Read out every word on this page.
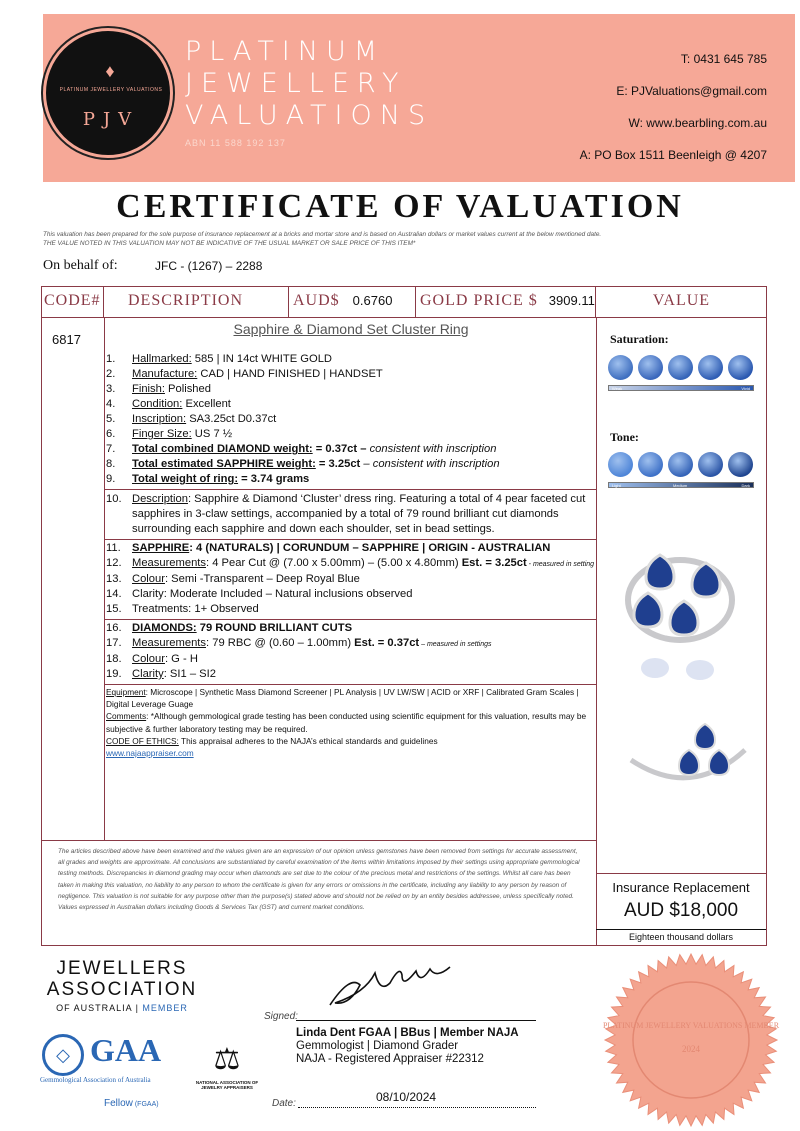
♦
PLATINUM JEWELLERY VALUATIONS
PJV
PLATINUM
JEWELLERY
VALUATIONS
ABN 11 588 192 137
T: 0431 645 785
E: PJValuations@gmail.com
W: www.bearbling.com.au
A: PO Box 1511 Beenleigh @ 4207
CERTIFICATE OF VALUATION
This valuation has been prepared for the sole purpose of insurance replacement at a bricks and mortar store and is based on Australian dollars or market values current at the below mentioned date.
THE VALUE NOTED IN THIS VALUATION MAY NOT BE INDICATIVE OF THE USUAL MARKET OR SALE PRICE OF THIS ITEM*
On behalf of:	JFC - (1267) – 2288
CODE#	DESCRIPTION	AUD$ 0.6760	GOLD PRICE $ 3909.11	VALUE
6817
Sapphire & Diamond Set Cluster Ring
1.	Hallmarked: 585 | IN 14ct WHITE GOLD
2.	Manufacture: CAD | HAND FINISHED | HANDSET
3.	Finish: Polished
4.	Condition: Excellent
5.	Inscription: SA3.25ct D0.37ct
6.	Finger Size: US 7 ½
7.	Total combined DIAMOND weight: = 0.37ct – consistent with inscription
8.	Total estimated SAPPHIRE weight: = 3.25ct – consistent with inscription
9.	Total weight of ring: = 3.74 grams
10. Description: Sapphire & Diamond ‘Cluster’ dress ring. Featuring a total of 4 pear faceted cut sapphires in 3-claw settings, accompanied by a total of 79 round brilliant cut diamonds surrounding each sapphire and down each shoulder, set in bead settings.
11.	SAPPHIRE: 4 (NATURALS) | CORUNDUM – SAPPHIRE | ORIGIN - AUSTRALIAN
12. Measurements: 4 Pear Cut @ (7.00 x 5.00mm) – (5.00 x 4.80mm) Est. = 3.25ct - measured in setting
13. Colour: Semi -Transparent – Deep Royal Blue
14. Clarity: Moderate Included – Natural inclusions observed
15. Treatments: 1+ Observed
16. DIAMONDS: 79 ROUND BRILLIANT CUTS
17. Measurements: 79 RBC @ (0.60 – 1.00mm) Est. = 0.37ct – measured in settings
18. Colour: G - H
19. Clarity: SI1 – SI2
Equipment: Microscope | Synthetic Mass Diamond Screener | PL Analysis | UV LW/SW | ACID or XRF | Calibrated Gram Scales | Digital Leverage Guage
Comments: *Although gemmological grade testing has been conducted using scientific equipment for this valuation, results may be subjective & further laboratory testing may be required.
CODE OF ETHICS: This appraisal adheres to the NAJA’s ethical standards and guidelines
www.najaappraiser.com
The articles described above have been examined and the values given are an expression of our opinion unless gemstones have been removed from settings for accurate assessment, all grades and weights are approximate. All conclusions are substantiated by careful examination of the items within limitations imposed by their settings using appropriate gemmological testing methods. Discrepancies in diamond grading may occur when diamonds are set due to the colour of the precious metal and restrictions of the settings. Whilst all care has been taken in making this valuation, no liability to any person to whom the certificate is given for any errors or omissions in the certificate, including any liability to any person by reason of negligence. This valuation is not suitable for any purpose other than the purpose(s) stated above and should not be relied on by an entity besides addressee, unless specifically noted. Values expressed in Australian dollars including Goods & Services Tax (GST) and current market conditions.
Saturation:
Weak	Vivid
Tone:
Light	Medium	Dark
Insurance Replacement
AUD $18,000
Eighteen thousand dollars
JEWELLERS
ASSOCIATION
OF AUSTRALIA | MEMBER
◇ GAA
Gemmological Association of Australia
Fellow (FGAA)
⚖
NATIONAL ASSOCIATION OF JEWELRY APPRAISERS
Signed:
Linda Dent FGAA | BBus | Member NAJA
Gemmologist | Diamond Grader
NAJA - Registered Appraiser #22312
Date:	08/10/2024
PLATINUM JEWELLERY VALUATIONS MEMBER
2024
